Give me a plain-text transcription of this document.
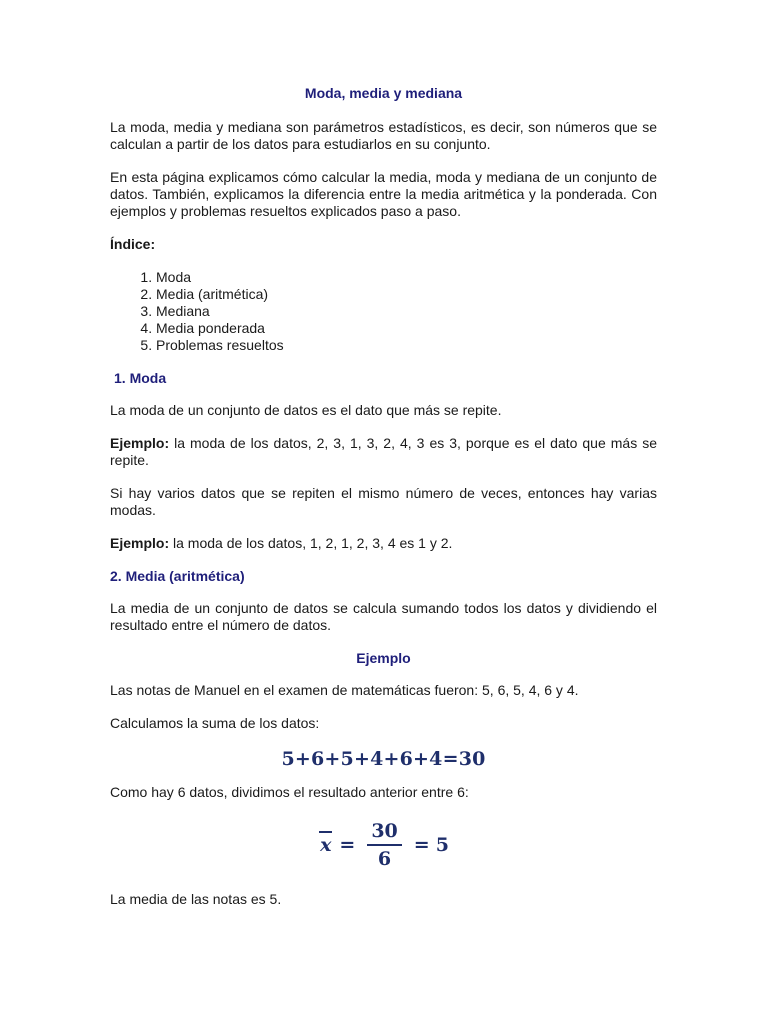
Moda, media y mediana

La moda, media y mediana son parámetros estadísticos, es decir, son números que se calculan a partir de los datos para estudiarlos en su conjunto.

En esta página explicamos cómo calcular la media, moda y mediana de un conjunto de datos. También, explicamos la diferencia entre la media aritmética y la ponderada. Con ejemplos y problemas resueltos explicados paso a paso.

Índice:

1. Moda
2. Media (aritmética)
3. Mediana
4. Media ponderada
5. Problemas resueltos
1. Moda

La moda de un conjunto de datos es el dato que más se repite.

Ejemplo: la moda de los datos, 2, 3, 1, 3, 2, 4, 3 es 3, porque es el dato que más se repite.

Si hay varios datos que se repiten el mismo número de veces, entonces hay varias modas.

Ejemplo: la moda de los datos, 1, 2, 1, 2, 3, 4 es 1 y 2.

2. Media (aritmética)

La media de un conjunto de datos se calcula sumando todos los datos y dividiendo el resultado entre el número de datos.

Ejemplo

Las notas de Manuel en el examen de matemáticas fueron: 5, 6, 5, 4, 6 y 4.

Calculamos la suma de los datos:

5+6+5+4+6+4=30

Como hay 6 datos, dividimos el resultado anterior entre 6:

$x = \frac{30}{6} = 5$

La media de las notas es 5.
